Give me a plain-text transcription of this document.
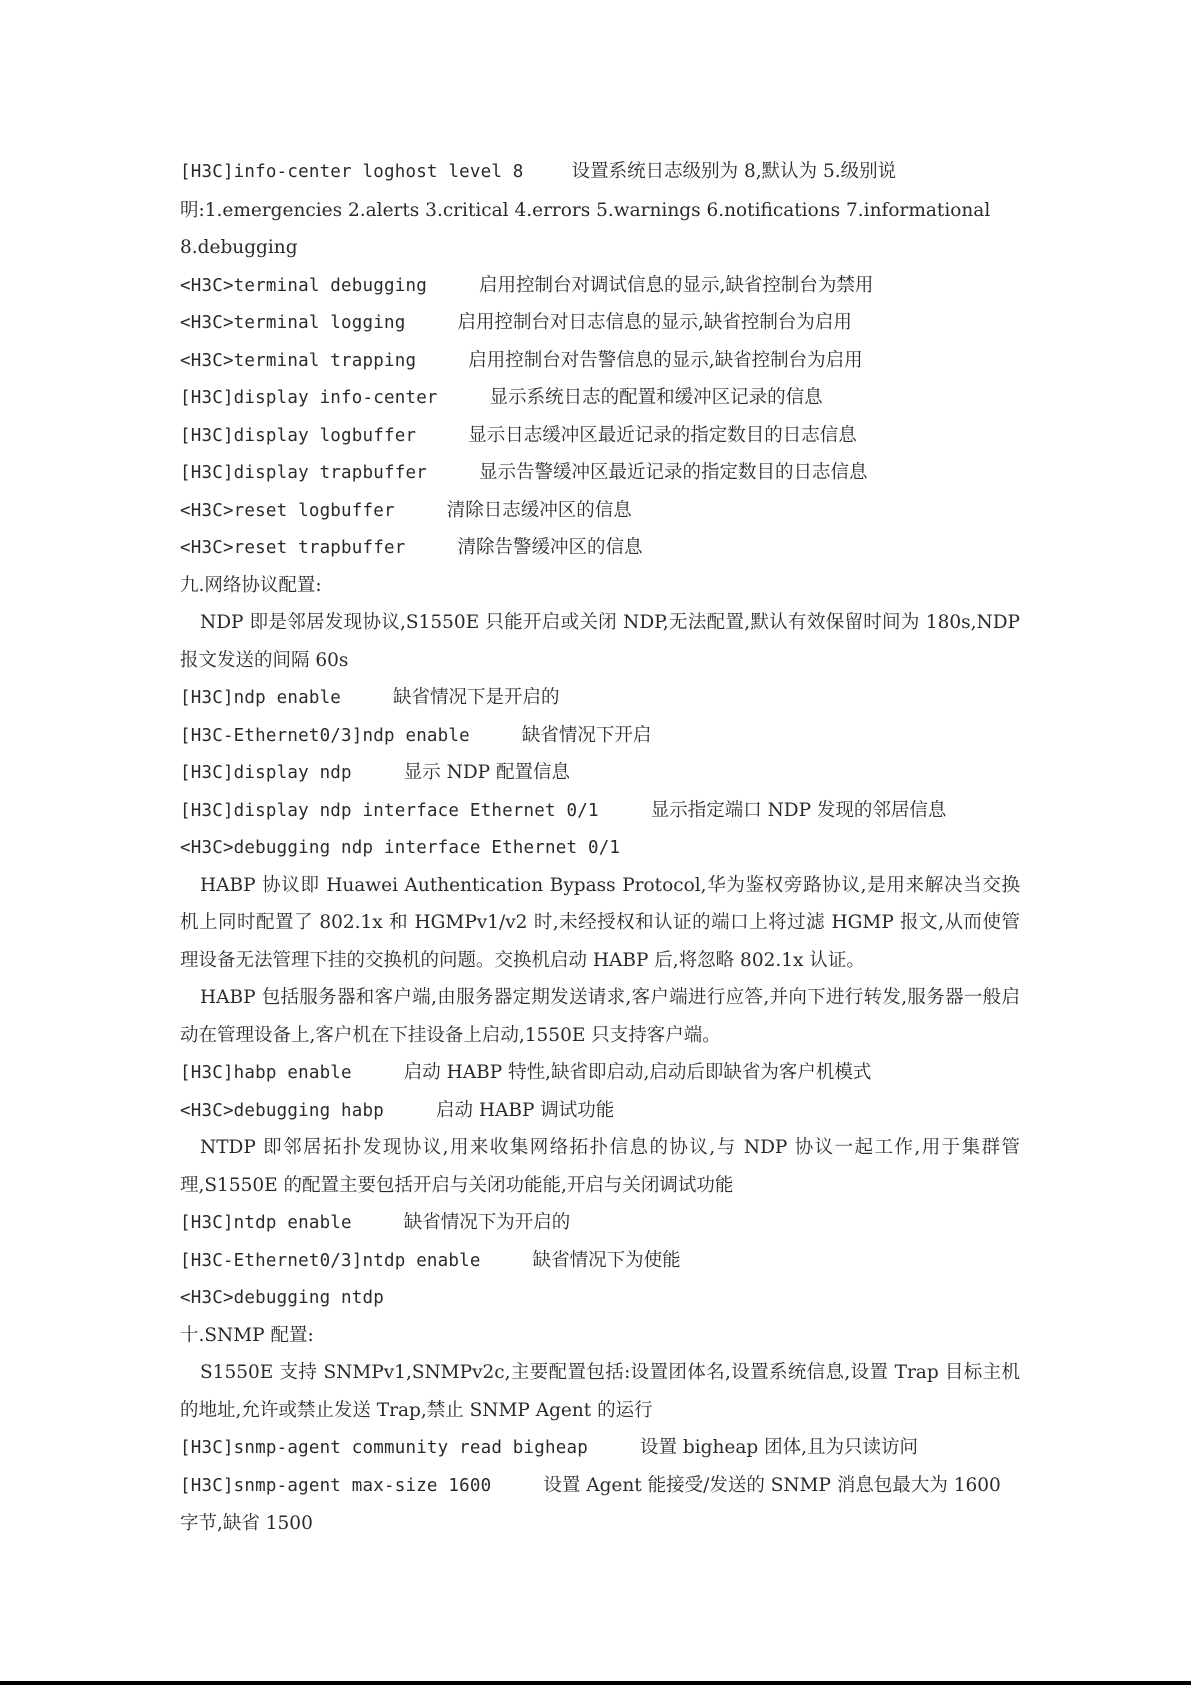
[H3C]info-center loghost level 8	设置系统日志级别为 8,默认为 5.级别说明:1.emergencies 2.alerts 3.critical 4.errors 5.warnings 6.notifications 7.informational 8.debugging
<H3C>terminal debugging	启用控制台对调试信息的显示,缺省控制台为禁用
<H3C>terminal logging	启用控制台对日志信息的显示,缺省控制台为启用
<H3C>terminal trapping	启用控制台对告警信息的显示,缺省控制台为启用
[H3C]display info-center	显示系统日志的配置和缓冲区记录的信息
[H3C]display logbuffer	显示日志缓冲区最近记录的指定数目的日志信息
[H3C]display trapbuffer	显示告警缓冲区最近记录的指定数目的日志信息
<H3C>reset logbuffer	清除日志缓冲区的信息
<H3C>reset trapbuffer	清除告警缓冲区的信息
九.网络协议配置:
NDP 即是邻居发现协议,S1550E 只能开启或关闭 NDP,无法配置,默认有效保留时间为 180s,NDP 报文发送的间隔 60s
[H3C]ndp enable	缺省情况下是开启的
[H3C-Ethernet0/3]ndp enable	缺省情况下开启
[H3C]display ndp	显示 NDP 配置信息
[H3C]display ndp interface Ethernet 0/1	显示指定端口 NDP 发现的邻居信息
<H3C>debugging ndp interface Ethernet 0/1
HABP 协议即 Huawei Authentication Bypass Protocol,华为鉴权旁路协议,是用来解决当交换机上同时配置了 802.1x 和 HGMPv1/v2 时,未经授权和认证的端口上将过滤 HGMP 报文,从而使管理设备无法管理下挂的交换机的问题。交换机启动 HABP 后,将忽略 802.1x 认证。
HABP 包括服务器和客户端,由服务器定期发送请求,客户端进行应答,并向下进行转发,服务器一般启动在管理设备上,客户机在下挂设备上启动,1550E 只支持客户端。
[H3C]habp enable	启动 HABP 特性,缺省即启动,启动后即缺省为客户机模式
<H3C>debugging habp	启动 HABP 调试功能
NTDP 即邻居拓扑发现协议,用来收集网络拓扑信息的协议,与 NDP 协议一起工作,用于集群管理,S1550E 的配置主要包括开启与关闭功能能,开启与关闭调试功能
[H3C]ntdp enable	缺省情况下为开启的
[H3C-Ethernet0/3]ntdp enable	缺省情况下为使能
<H3C>debugging ntdp
十.SNMP 配置:
S1550E 支持 SNMPv1,SNMPv2c,主要配置包括:设置团体名,设置系统信息,设置 Trap 目标主机的地址,允许或禁止发送 Trap,禁止 SNMP Agent 的运行
[H3C]snmp-agent community read bigheap	设置 bigheap 团体,且为只读访问
[H3C]snmp-agent max-size 1600	设置 Agent 能接受/发送的 SNMP 消息包最大为 1600 字节,缺省 1500
